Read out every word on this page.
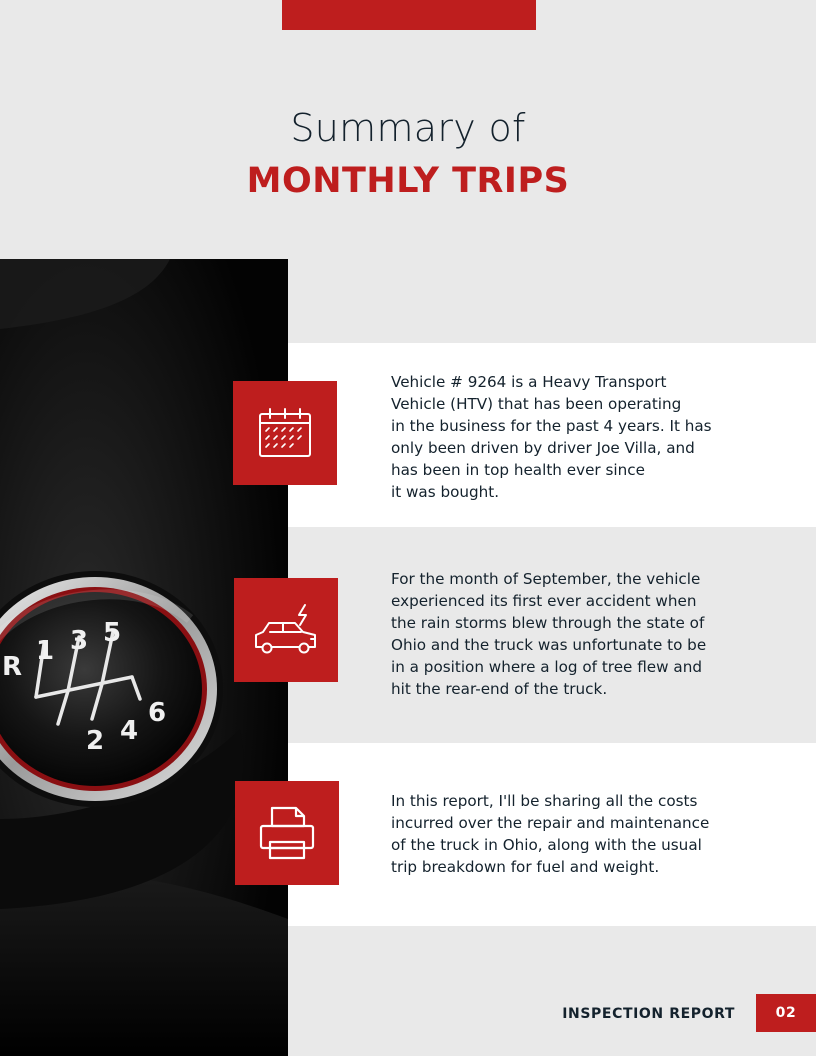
Summary of
MONTHLY TRIPS
R
1 3 5
2 4
6
Vehicle # 9264 is a Heavy Transport
Vehicle (HTV) that has been operating
in the business for the past 4 years. It has
only been driven by driver Joe Villa, and
has been in top health ever since
it was bought.
For the month of September, the vehicle
experienced its first ever accident when
the rain storms blew through the state of
Ohio and the truck was unfortunate to be
in a position where a log of tree flew and
hit the rear-end of the truck.
In this report, I'll be sharing all the costs
incurred over the repair and maintenance
of the truck in Ohio, along with the usual
trip breakdown for fuel and weight.
INSPECTION REPORT	02
